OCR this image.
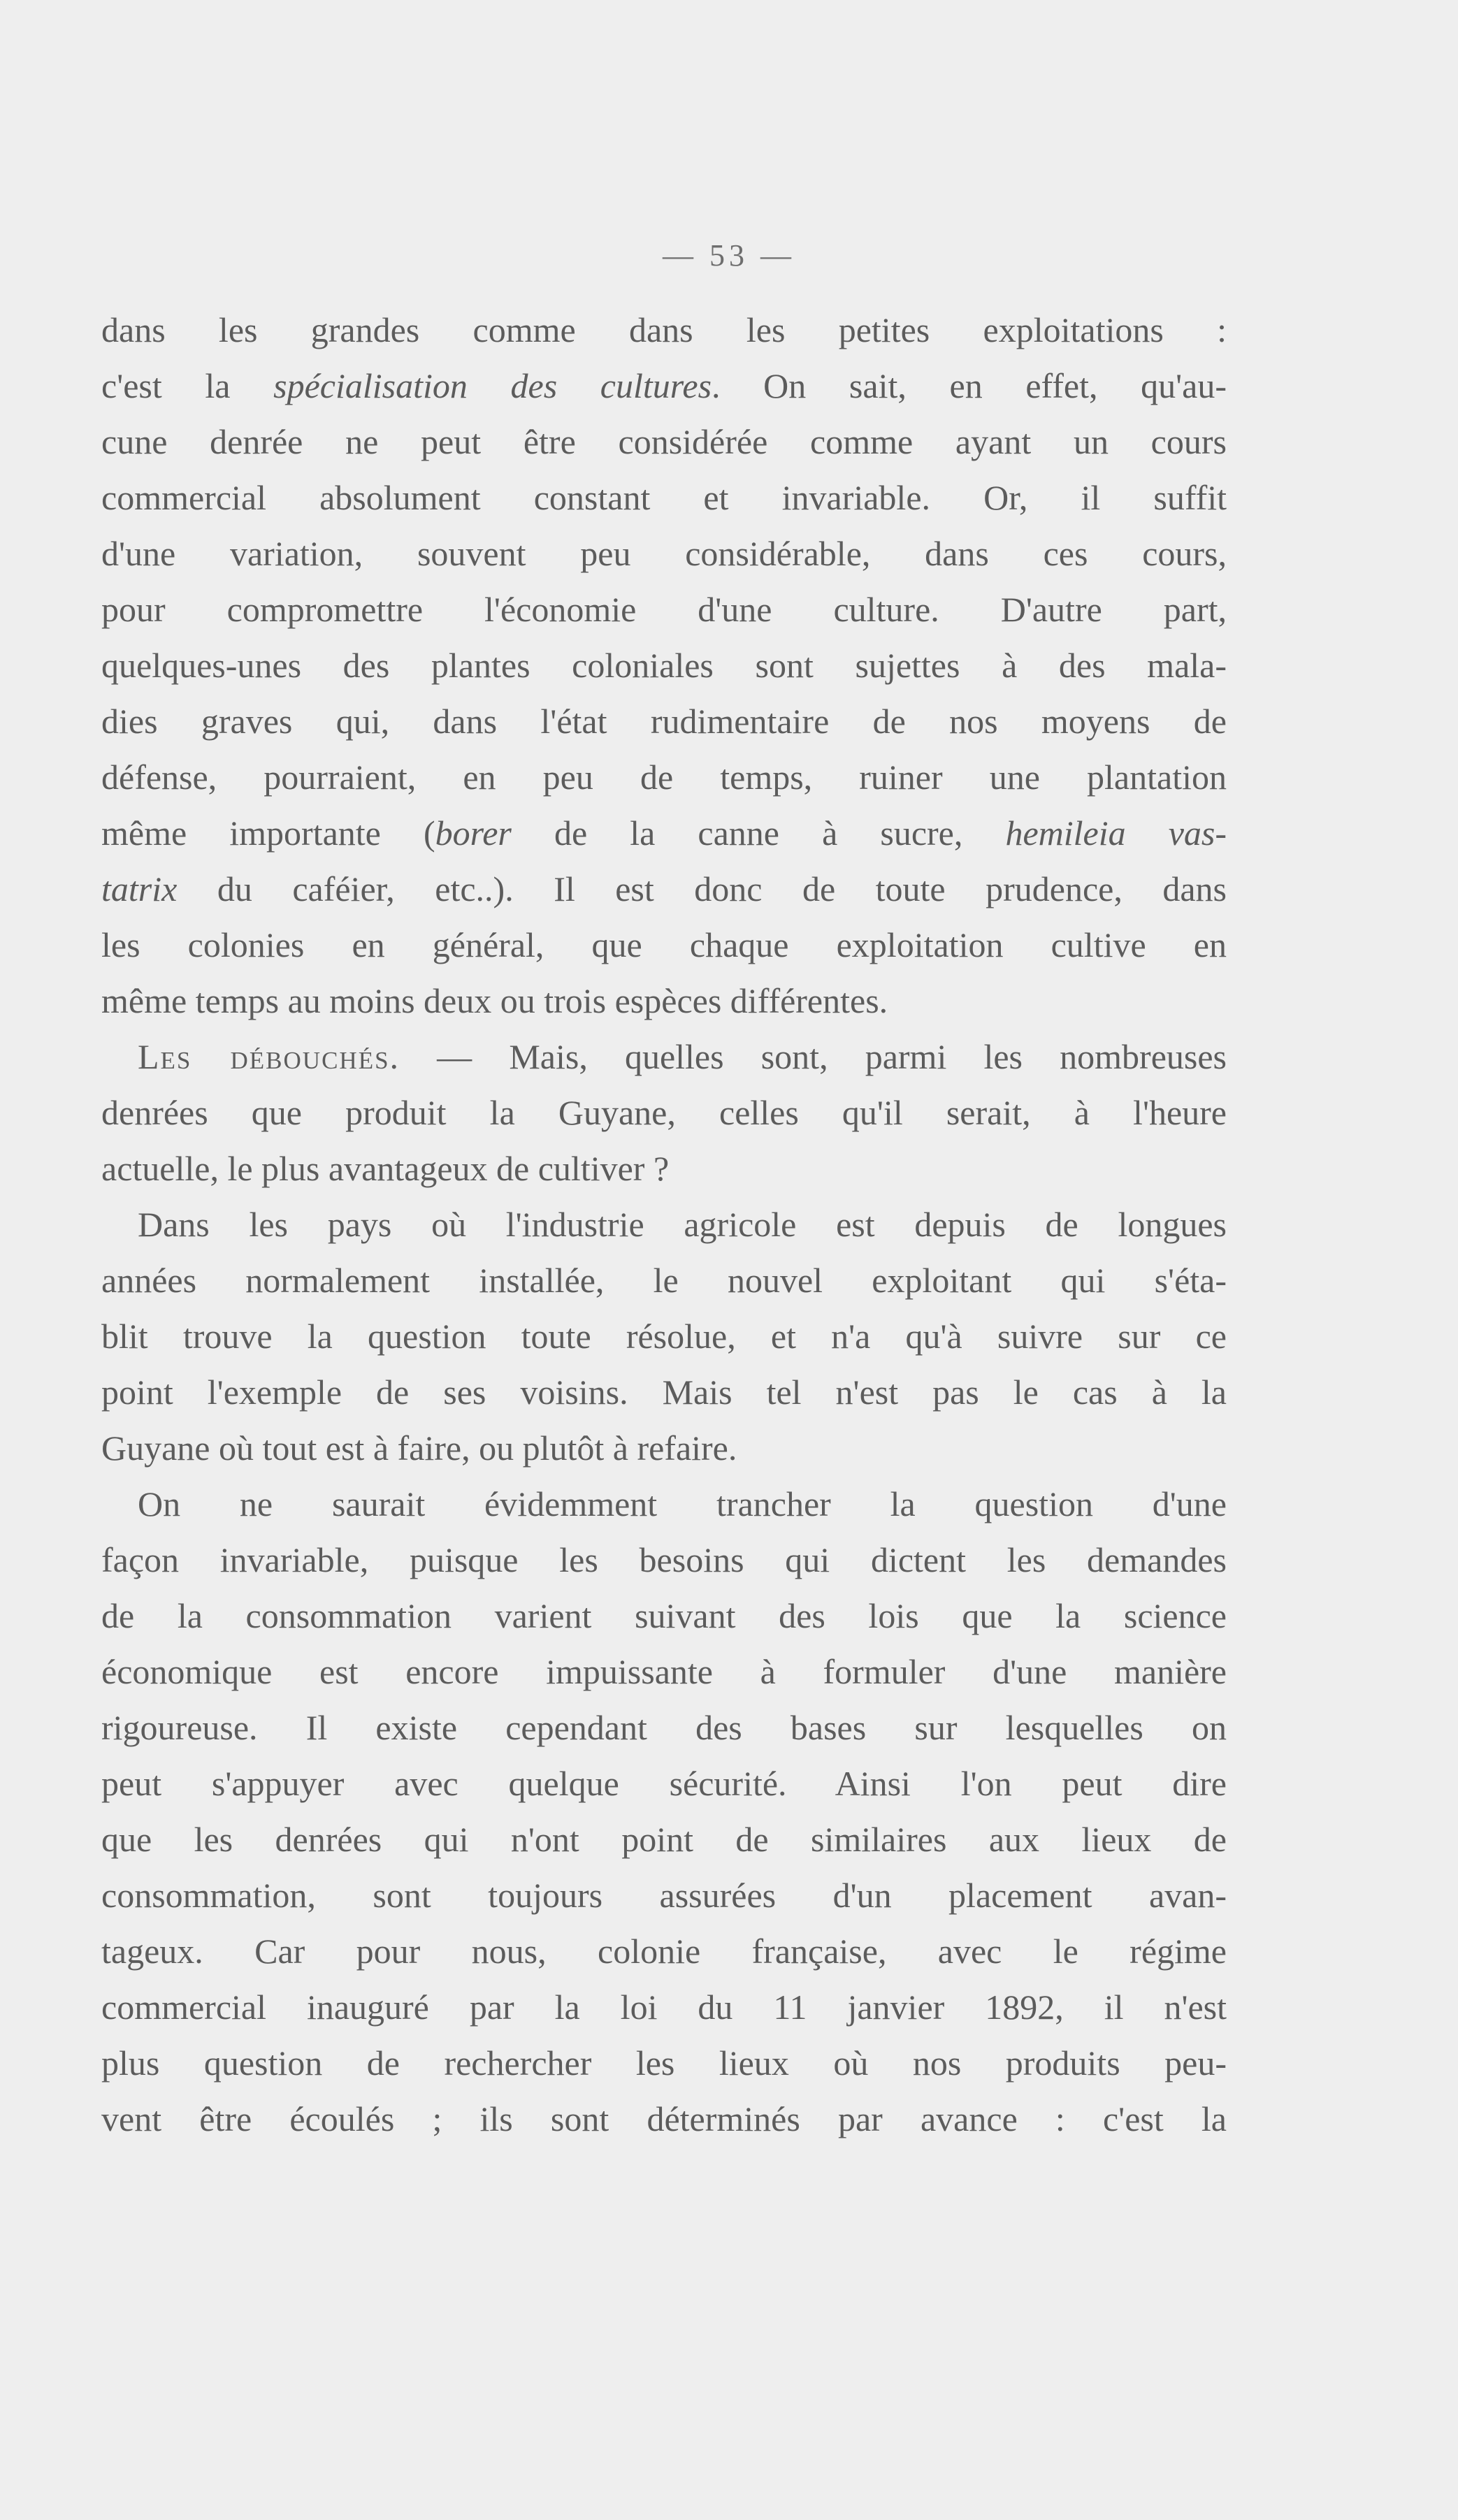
— 53 —
dans les grandes comme dans les petites exploitations :
c'est la spécialisation des cultures. On sait, en effet, qu'au-
cune denrée ne peut être considérée comme ayant un cours
commercial absolument constant et invariable. Or, il suffit
d'une variation, souvent peu considérable, dans ces cours,
pour compromettre l'économie d'une culture. D'autre part,
quelques-unes des plantes coloniales sont sujettes à des mala-
dies graves qui, dans l'état rudimentaire de nos moyens de
défense, pourraient, en peu de temps, ruiner une plantation
même importante (borer de la canne à sucre, hemileia vas-
tatrix du caféier, etc..). Il est donc de toute prudence, dans
les colonies en général, que chaque exploitation cultive en
même temps au moins deux ou trois espèces différentes.
Les débouchés. — Mais, quelles sont, parmi les nombreuses
denrées que produit la Guyane, celles qu'il serait, à l'heure
actuelle, le plus avantageux de cultiver ?
Dans les pays où l'industrie agricole est depuis de longues
années normalement installée, le nouvel exploitant qui s'éta-
blit trouve la question toute résolue, et n'a qu'à suivre sur ce
point l'exemple de ses voisins. Mais tel n'est pas le cas à la
Guyane où tout est à faire, ou plutôt à refaire.
On ne saurait évidemment trancher la question d'une
façon invariable, puisque les besoins qui dictent les demandes
de la consommation varient suivant des lois que la science
économique est encore impuissante à formuler d'une manière
rigoureuse. Il existe cependant des bases sur lesquelles on
peut s'appuyer avec quelque sécurité. Ainsi l'on peut dire
que les denrées qui n'ont point de similaires aux lieux de
consommation, sont toujours assurées d'un placement avan-
tageux. Car pour nous, colonie française, avec le régime
commercial inauguré par la loi du 11 janvier 1892, il n'est
plus question de rechercher les lieux où nos produits peu-
vent être écoulés ; ils sont déterminés par avance : c'est la
